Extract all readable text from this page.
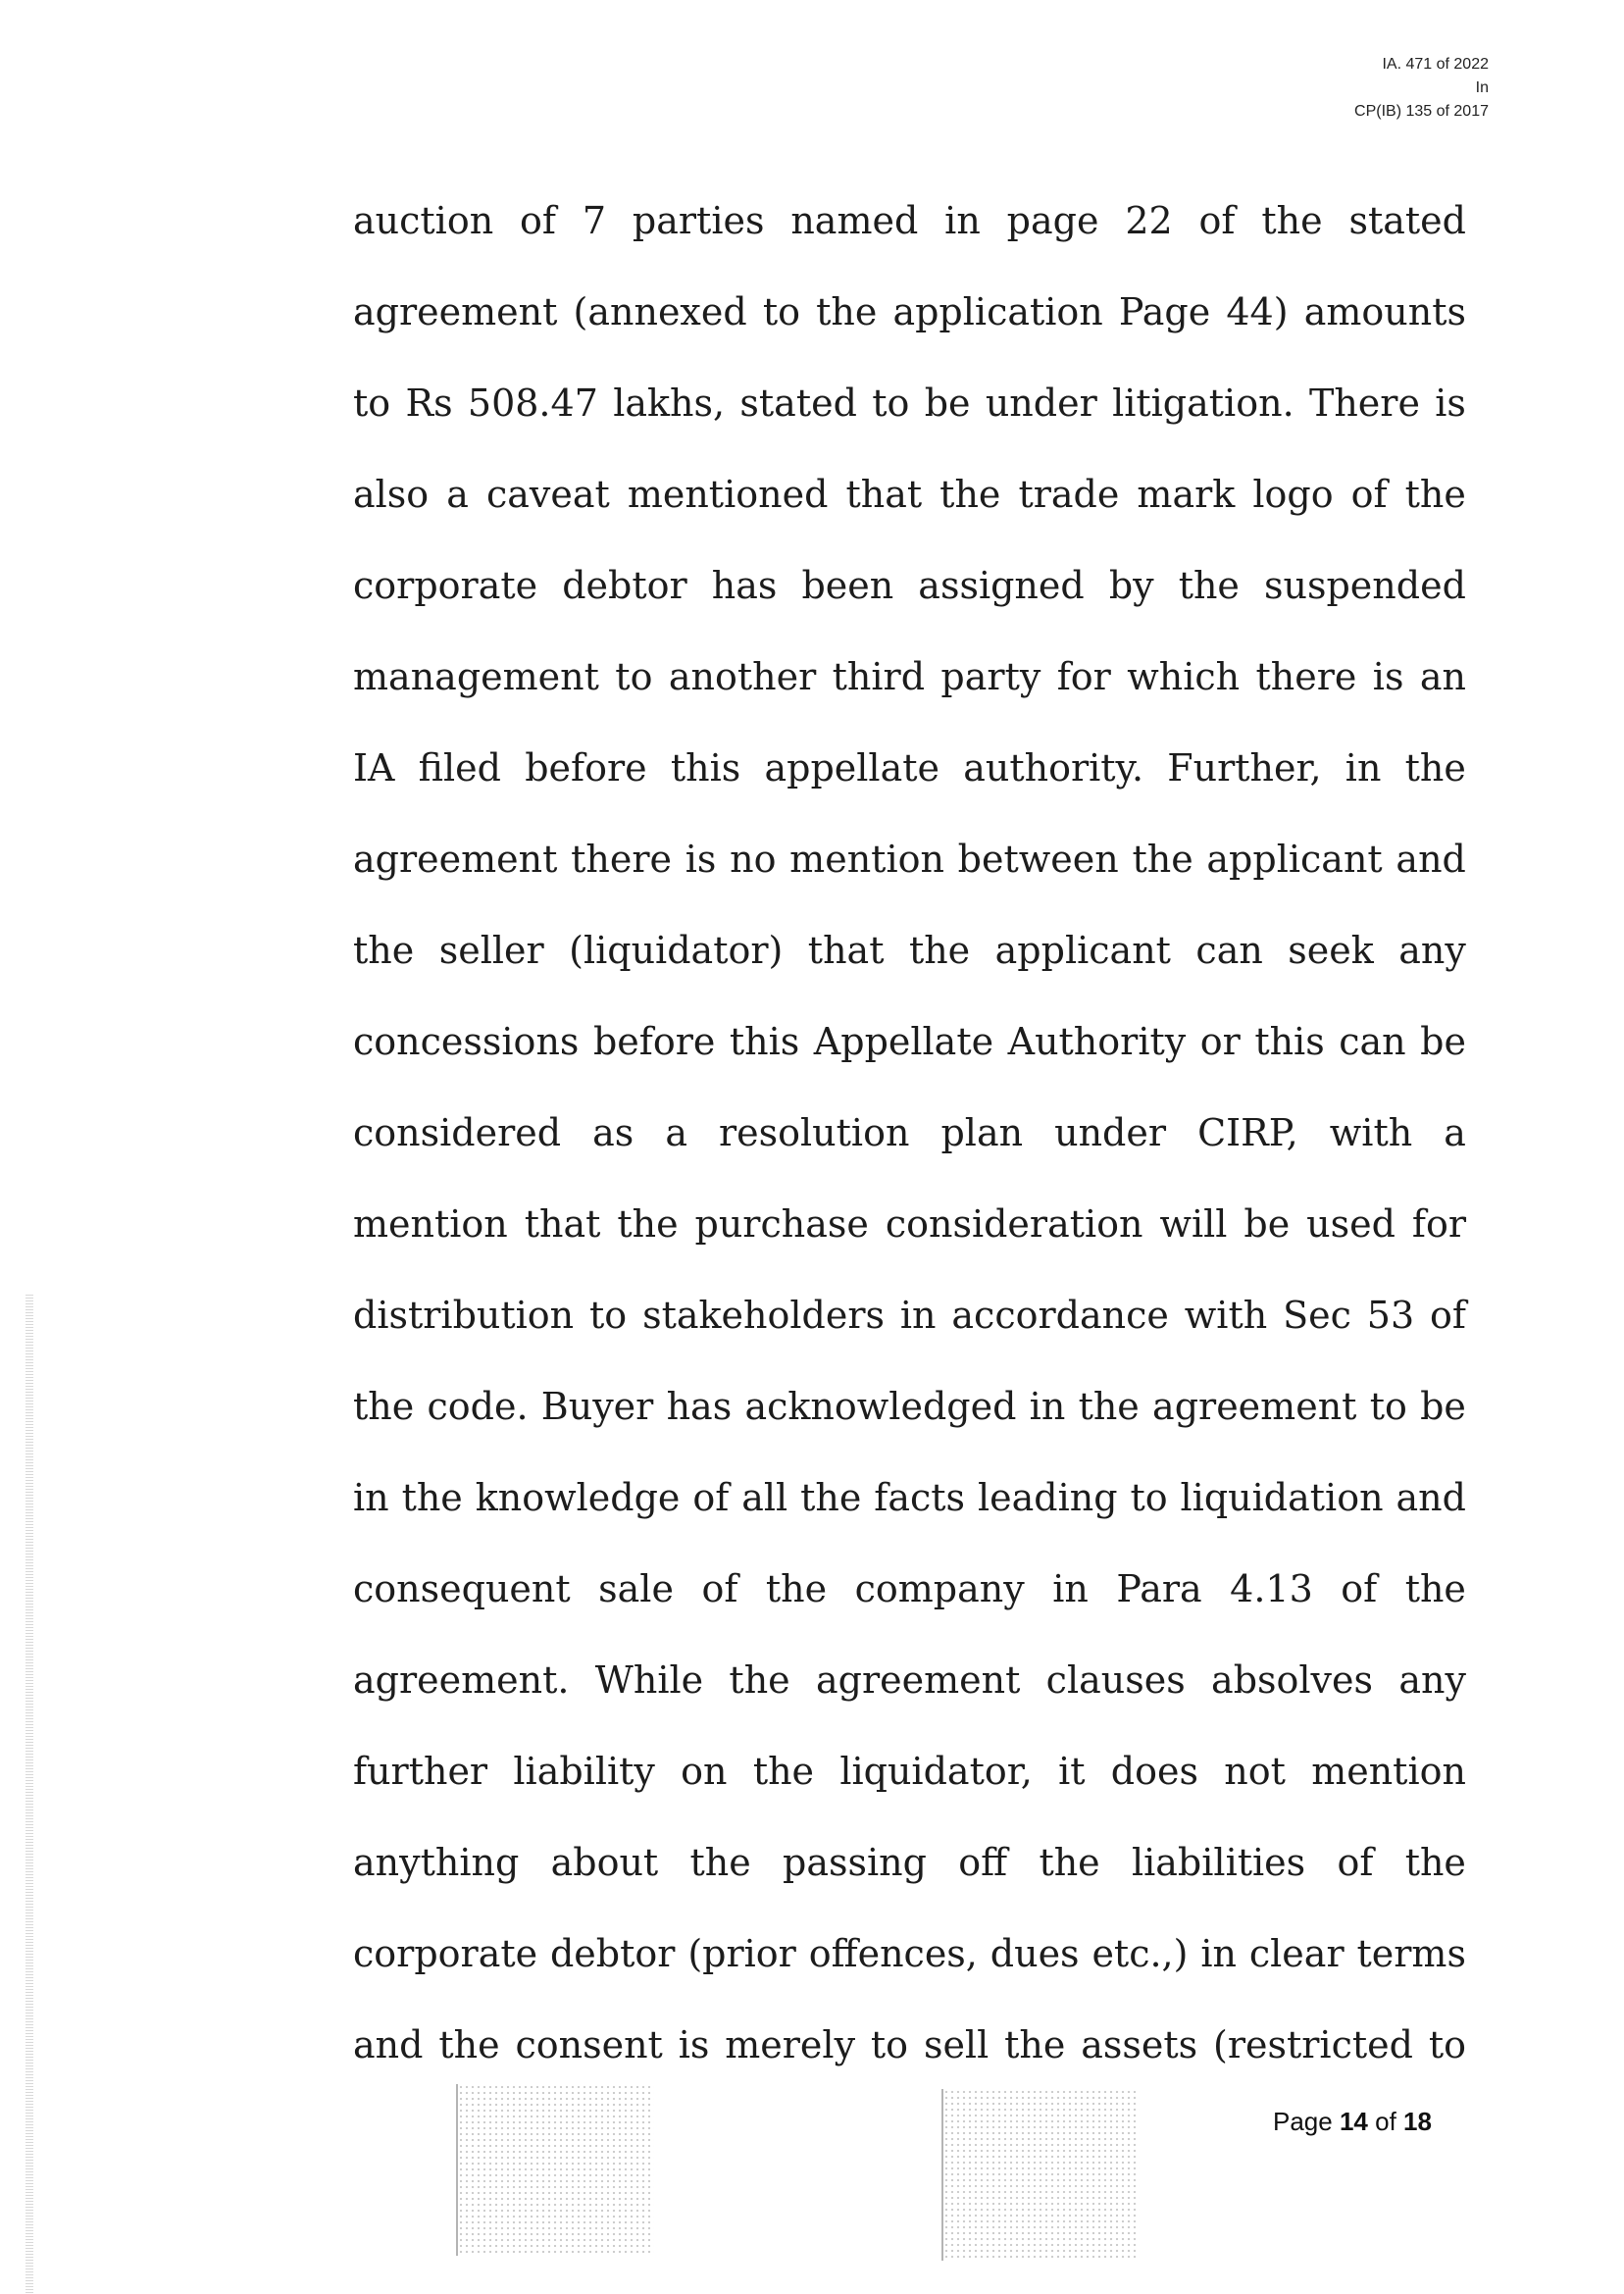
IA. 471 of 2022
In
CP(IB) 135 of 2017
auction of 7 parties named in page 22 of the stated
agreement (annexed to the application Page 44) amounts
to Rs 508.47 lakhs, stated to be under litigation. There is
also a caveat mentioned that the trade mark logo of the
corporate debtor has been assigned by the suspended
management to another third party for which there is an
IA filed before this appellate authority. Further, in the
agreement there is no mention between the applicant and
the seller (liquidator) that the applicant can seek any
concessions before this Appellate Authority or this can be
considered as a resolution plan under CIRP, with a
mention that the purchase consideration will be used for
distribution to stakeholders in accordance with Sec 53 of
the code. Buyer has acknowledged in the agreement to be
in the knowledge of all the facts leading to liquidation and
consequent sale of the company in Para 4.13 of the
agreement. While the agreement clauses absolves any
further liability on the liquidator, it does not mention
anything about the passing off the liabilities of the
corporate debtor (prior offences, dues etc.,) in clear terms
and the consent is merely to sell the assets (restricted to
Page 14 of 18
